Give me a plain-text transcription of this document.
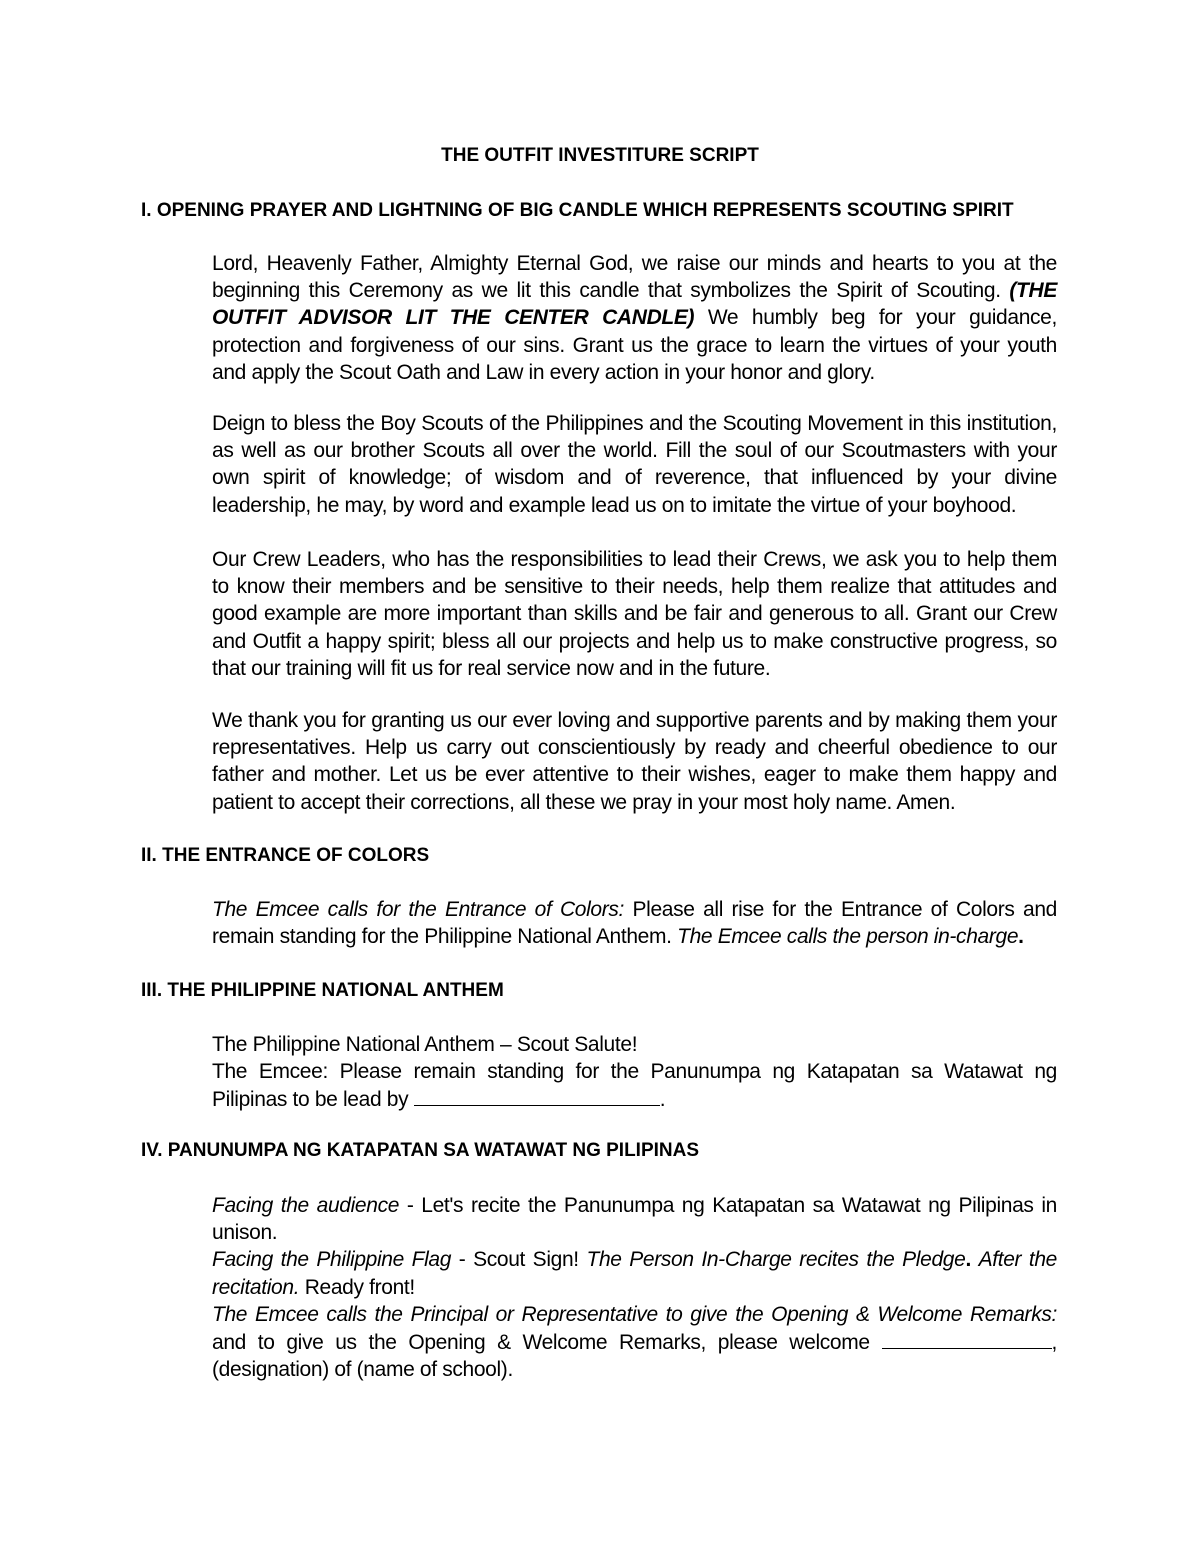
THE OUTFIT INVESTITURE SCRIPT
I. OPENING PRAYER AND LIGHTNING OF BIG CANDLE WHICH REPRESENTS SCOUTING SPIRIT
Lord, Heavenly Father, Almighty Eternal God, we raise our minds and hearts to you at the beginning this Ceremony as we lit this candle that symbolizes the Spirit of Scouting. (THE OUTFIT ADVISOR LIT THE CENTER CANDLE) We humbly beg for your guidance, protection and forgiveness of our sins. Grant us the grace to learn the virtues of your youth and apply the Scout Oath and Law in every action in your honor and glory.
Deign to bless the Boy Scouts of the Philippines and the Scouting Movement in this institution, as well as our brother Scouts all over the world. Fill the soul of our Scoutmasters with your own spirit of knowledge; of wisdom and of reverence, that influenced by your divine leadership, he may, by word and example lead us on to imitate the virtue of your boyhood.
Our Crew Leaders, who has the responsibilities to lead their Crews, we ask you to help them to know their members and be sensitive to their needs, help them realize that attitudes and good example are more important than skills and be fair and generous to all. Grant our Crew and Outfit a happy spirit; bless all our projects and help us to make constructive progress, so that our training will fit us for real service now and in the future.
We thank you for granting us our ever loving and supportive parents and by making them your representatives. Help us carry out conscientiously by ready and cheerful obedience to our father and mother. Let us be ever attentive to their wishes, eager to make them happy and patient to accept their corrections, all these we pray in your most holy name. Amen.
II. THE ENTRANCE OF COLORS
The Emcee calls for the Entrance of Colors: Please all rise for the Entrance of Colors and remain standing for the Philippine National Anthem. The Emcee calls the person in-charge.
III. THE PHILIPPINE NATIONAL ANTHEM
The Philippine National Anthem – Scout Salute!
The Emcee: Please remain standing for the Panunumpa ng Katapatan sa Watawat ng Pilipinas to be lead by	.
IV. PANUNUMPA NG KATAPATAN SA WATAWAT NG PILIPINAS
Facing the audience - Let's recite the Panunumpa ng Katapatan sa Watawat ng Pilipinas in unison.
Facing the Philippine Flag - Scout Sign! The Person In-Charge recites the Pledge. After the recitation. Ready front!
The Emcee calls the Principal or Representative to give the Opening & Welcome Remarks: and to give us the Opening & Welcome Remarks, please welcome	, (designation) of (name of school).
